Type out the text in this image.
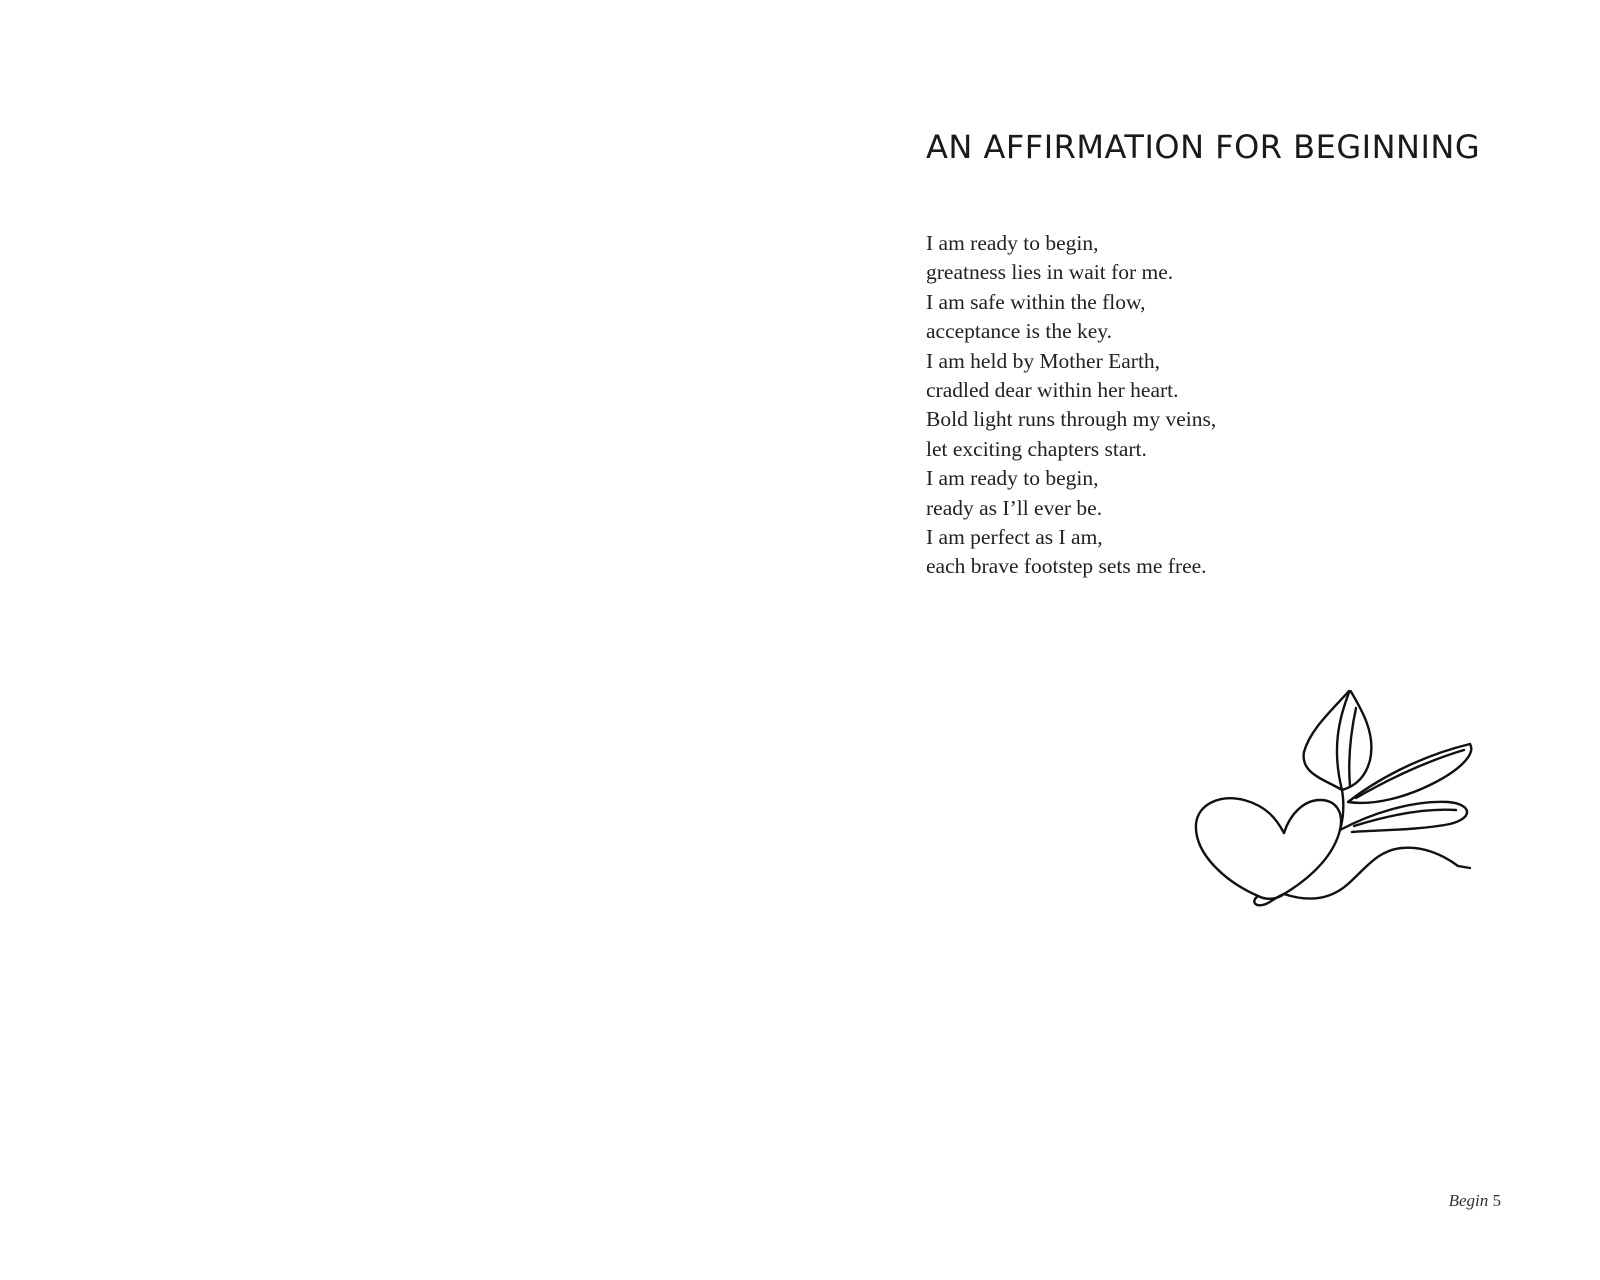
AN AFFIRMATION FOR BEGINNING
I am ready to begin,
greatness lies in wait for me.
I am safe within the flow,
acceptance is the key.
I am held by Mother Earth,
cradled dear within her heart.
Bold light runs through my veins,
let exciting chapters start.
I am ready to begin,
ready as I’ll ever be.
I am perfect as I am,
each brave footstep sets me free.
Begin 5
